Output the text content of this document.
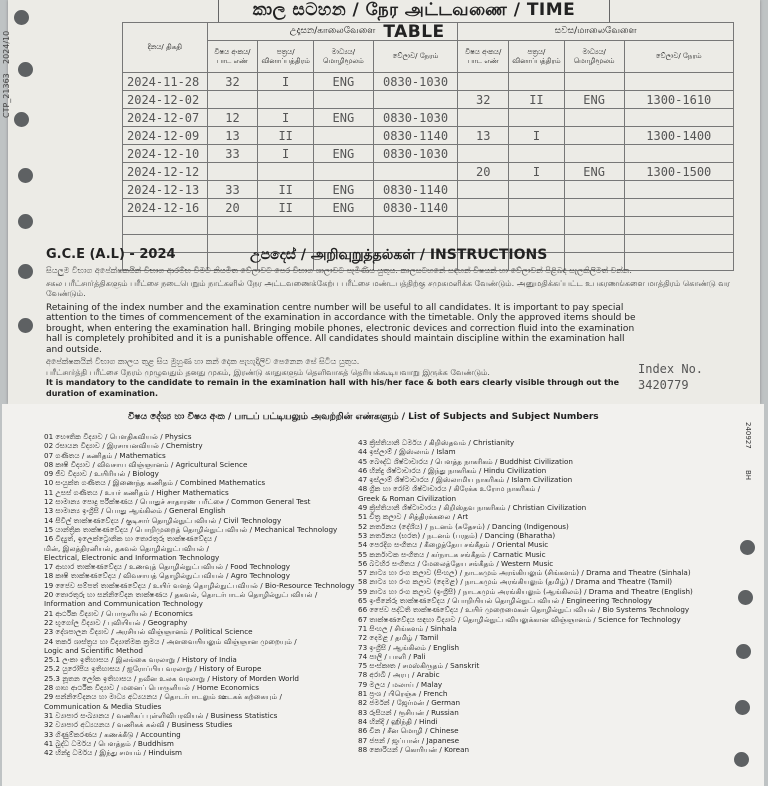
CTP_21363
2024/10
කාල සටහන / நேர அட்டவணை / TIME TABLE
දිනය/ திகதி	උදෑසන/காலைவேளை				සවස/மாலைவேளை			
	විෂය අංකය/ பாட எண்	පත්‍රය/ வினாப்பத்திரம்	මාධ්‍යය/ மொழிமூலம்	වේලාව/ நேரம்	විෂය අංකය/ பாட எண்	පත්‍රය/ வினாப்பத்திரம்	මාධ්‍යය/ மொழிமூலம்	වේලාව/ நேரம்
2024-11-28	32	I	ENG	0830-1030				
2024-12-02					32	II	ENG	1300-1610
2024-12-07	12	I	ENG	0830-1030				
2024-12-09	13	II		0830-1140	13	I		1300-1400
2024-12-10	33	I	ENG	0830-1030				
2024-12-12					20	I	ENG	1300-1500
2024-12-13	33	II	ENG	0830-1140				
2024-12-16	20	II	ENG	0830-1140				

G.C.E (A.L) - 2024	උපදෙස් / அறிவுறுத்தல்கள் / INSTRUCTIONS
සියලුම විභාග අපේක්ෂකයින් විභාග ආරම්භ වීමට නියමිත වේලාවට පෙර විභාග ශාලාවට පැමිණිය යුතුය. කාලසටහනේ සඳහන් විෂයන් හා වේලාවන් පිළිබඳ සැලකිලිමත් වන්න.
சகல பரீட்சார்த்திகளும் பரீட்சை நடைபெறும் நாட்களில் நேர அட்டவணைக்கேற்ப பரீட்சை மண்டபத்திற்கு சமுகமளிக்க வேண்டும். அனுமதிக்கப்பட்ட உபகரணங்களை மாத்திரம் கொண்டு வர வேண்டும்.
Retaining of the index number and the examination centre number will be useful to all candidates. It is important to pay special attention to the times of commencement of the examination in accordance with the timetable. Only the approved items should be brought, when entering the examination hall. Bringing mobile phones, electronic devices and correction fluid into the examination hall is completely prohibited and it is a punishable offence. All candidates should maintain discipline within the examination hall and outside.
අපේක්ෂකයින් විභාග කාලය තුළ සිය මුහුණ හා කන් දෙක පැහැදිලිව පෙනෙන සේ සිටිය යුතුය.
பரீட்சார்த்தி பரீட்சை நேரம் முழுவதும் தனது முகம், இரண்டு காதுகளும் தெளிவாகத் தெரியக்கூடியவாறு இருக்க வேண்டும்.
It is mandatory to the candidate to remain in the examination hall with his/her face & both ears clearly visible through out the duration of examination.
Index No.
3420779
විෂය දේශ්‍ය හා විෂය අංක / பாடப் பட்டியலும் அவற்றின் எண்களும் / List of Subjects and Subject Numbers
240927
BH
01 භෞතික විද්‍යාව / பௌதிகவியல் / Physics
02 රසායන විද්‍යාව / இரசாயனவியல் / Chemistry
07 ගණිතය / கணிதம் / Mathematics
08 කෘෂි විද්‍යාව / விவசாய விஞ்ஞானம் / Agricultural Science
09 ජීව විද්‍යාව / உயிரியல் / Biology
10 සංයුක්ත ගණිතය / இணைந்த கணிதம் / Combined Mathematics
11 උසස් ගණිතය / உயர் கணிதம் / Higher Mathematics
12 සාමාන්‍ය පොදු පරීක්ෂණය / பொதுச் சாதாரண பரீட்சை / Common General Test
13 සාමාන්‍ය ඉංග්‍රීසි / பொது ஆங்கிலம் / General English
14 සිවිල් තාක්ෂණවේදය / குடிசார் தொழில்நுட்பவியல் / Civil Technology
15 යාන්ත්‍රික තාක්ෂණවේදය / பொறிமுறைத் தொழில்நுட்பவியல் / Mechanical Technology
16 විද්‍යුත්, ඉලෙක්ට්‍රොනික හා තොරතුරු තාක්ෂණවේදය /
மின், இலத்திரனியல், தகவல் தொழில்நுட்பவியல் /
Electrical, Electronic and Information Technology
17 ආහාර තාක්ෂණවේදය / உணவுத் தொழில்நுட்பவியல் / Food Technology
18 කෘෂි තාක්ෂණවේදය / விவசாயத் தொழில்நுட்பவியல் / Agro Technology
19 ජෛව සම්පත් තාක්ෂණවේදය / உயிர் வளத் தொழில்நுட்பவியல் / Bio-Resource Technology
20 තොරතුරු හා සන්නිවේදන තාක්ෂණය / தகவல், தொடர்பாடல் தொழில்நுட்பவியல் /
Information and Communication Technology
21 ආර්ථික විද්‍යාව / பொருளியல் / Economics
22 භූගෝල විද්‍යාව / புவியியல் / Geography
23 දේශපාලන විද්‍යාව / அரசியல் விஞ்ஞானம் / Political Science
24 තර්ක ශාස්ත්‍රය හා විද්‍යාත්මක ක්‍රමය / அளவையியலும் விஞ்ஞான முறையும் /
Logic and Scientific Method
25.1 ලංකා ඉතිහාසය / இலங்கை வரலாறு / History of India
25.2 යුරෝපීය ඉතිහාසය / ஐரோப்பிய வரலாறு / History of Europe
25.3 නූතන ලෝක ඉතිහාසය / நவீன உலக வரலாறு / History of Morden World
28 ගෘහ ආර්ථික විද්‍යාව / மனைப் பொருளியல் / Home Economics
29 සන්නිවේදනය හා මාධ්‍ය අධ්‍යයනය / தொடர்பாடலும் ஊடகக் கற்கையும் /
Communication & Media Studies
31 ව්‍යාපාර සංඛ්‍යානය / வணிகப் புள்ளிவிபரவியல் / Business Statistics
32 ව්‍යාපාර අධ්‍යයනය / வணிகக் கல்வி / Business Studies
33 ගිණුම්කරණය / கணக்கீடு / Accounting
41 බුද්ධ ධර්මය / பௌத்தம் / Buddhism
42 හින්දු ධර්මය / இந்து சமயம் / Hinduism
43 ක්‍රිස්තියානි ධර්මය / கிறிஸ்தவம் / Christianity
44 ඉස්ලාම් / இஸ்லாம் / Islam
45 බෞද්ධ ශිෂ්ටාචාරය / பௌத்த நாகரிகம் / Buddhist Civilization
46 හින්දු ශිෂ්ටාචාරය / இந்து நாகரிகம் / Hindu Civilization
47 ඉස්ලාම් ශිෂ්ටාචාරය / இஸ்லாமிய நாகரிகம் / Islam Civilization
48 ග්‍රීක හා රෝම ශිෂ්ටාචාරය / கிரேக்க உரோம நாகரிகம் /
Greek & Roman Civilization
49 ක්‍රිස්තියානි ශිෂ්ටාචාරය / கிறிஸ்தவ நாகரிகம் / Christian Civilization
51 චිත්‍ර කලාව / சித்திரக்கலை / Art
52 නර්තනය (දේශීය) / நடனம் (சுதேசம்) / Dancing (Indigenous)
53 නර්තනය (භරත) / நடனம் (பரதம்) / Dancing (Bharatha)
54 පෙරදිග සංගීතය / கீழைத்தேய சங்கீதம் / Oriental Music
55 කර්නාටක සංගීතය / கர்நாடக சங்கீதம் / Carnatic Music
56 බටහිර සංගීතය / மேலைத்தேய சங்கீதம் / Western Music
57 නාට්‍ය හා රංග කලාව (සිංහල) / நாடகமும் அரங்கியலும் (சிங்களம்) / Drama and Theatre (Sinhala)
58 නාට්‍ය හා රංග කලාව (දෙමළ) / நாடகமும் அரங்கியலும் (தமிழ்) / Drama and Theatre (Tamil)
59 නාට්‍ය හා රංග කලාව (ඉංග්‍රීසි) / நாடகமும் அரங்கியலும் (ஆங்கிலம்) / Drama and Theatre (English)
65 ඉංජිනේරු තාක්ෂණවේදය / பொறியியல் தொழில்நுட்பவியல் / Engineering Technology
66 ජෛව පද්ධති තාක්ෂණවේදය / உயிர் முறைமைகள் தொழில்நுட்பவியல் / Bio Systems Technology
67 තාක්ෂණවේදය සඳහා විද්‍යාව / தொழில்நுட்பவியலுக்கான விஞ்ஞானம் / Science for Technology
71 සිංහල / சிங்களம் / Sinhala
72 දෙමළ / தமிழ் / Tamil
73 ඉංග්‍රීසි / ஆங்கிலம் / English
74 පාලි / பாளி / Pali
75 සංස්කෘත / சமஸ்கிருதம் / Sanskrit
78 අරාබි / அரபு / Arabic
79 මලය / மலாய் / Malay
81 ප්‍රංශ / பிரெஞ்சு / French
82 ජර්මන් / ஜேர்மன் / German
83 රුසියන් / ரூசியன் / Russian
84 හින්දි / ஹிந்தி / Hindi
86 චීන / சீன மொழி / Chinese
87 ජපන් / ஜப்பான் / Japanese
88 කොරියන් / கொரியன் / Korean
